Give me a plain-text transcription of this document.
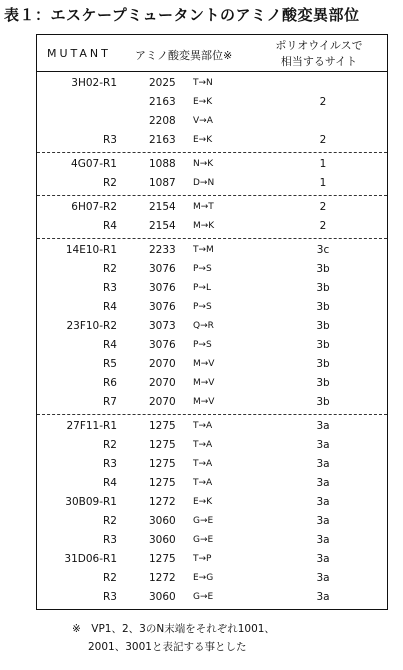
表１：エスケープミュータントのアミノ酸変異部位
MUTANT アミノ酸変異部位※
ポリオウイルスで
相当するサイト
3H02-R1	2025 T→N
2163 E→K	2
2208 V→A
R3	2163 E→K	2
4G07-R1	1088 N→K	1
R2	1087 D→N	1
6H07-R2	2154 M→T	2
R4	2154 M→K	2
14E10-R1	2233 T→M	3c
R2	3076 P→S	3b
R3	3076 P→L	3b
R4	3076 P→S	3b
23F10-R2	3073 Q→R	3b
R4	3076 P→S	3b
R5	2070 M→V	3b
R6	2070 M→V	3b
R7	2070 M→V	3b
27F11-R1	1275 T→A	3a
R2	1275 T→A	3a
R3	1275 T→A	3a
R4	1275 T→A	3a
30B09-R1	1272 E→K	3a
R2	3060 G→E	3a
R3	3060 G→E	3a
31D06-R1	1275 T→P	3a
R2	1272 E→G	3a
R3	3060 G→E	3a
※　VP1、2、3のN末端をそれぞれ1001、
2001、3001と表記する事とした
